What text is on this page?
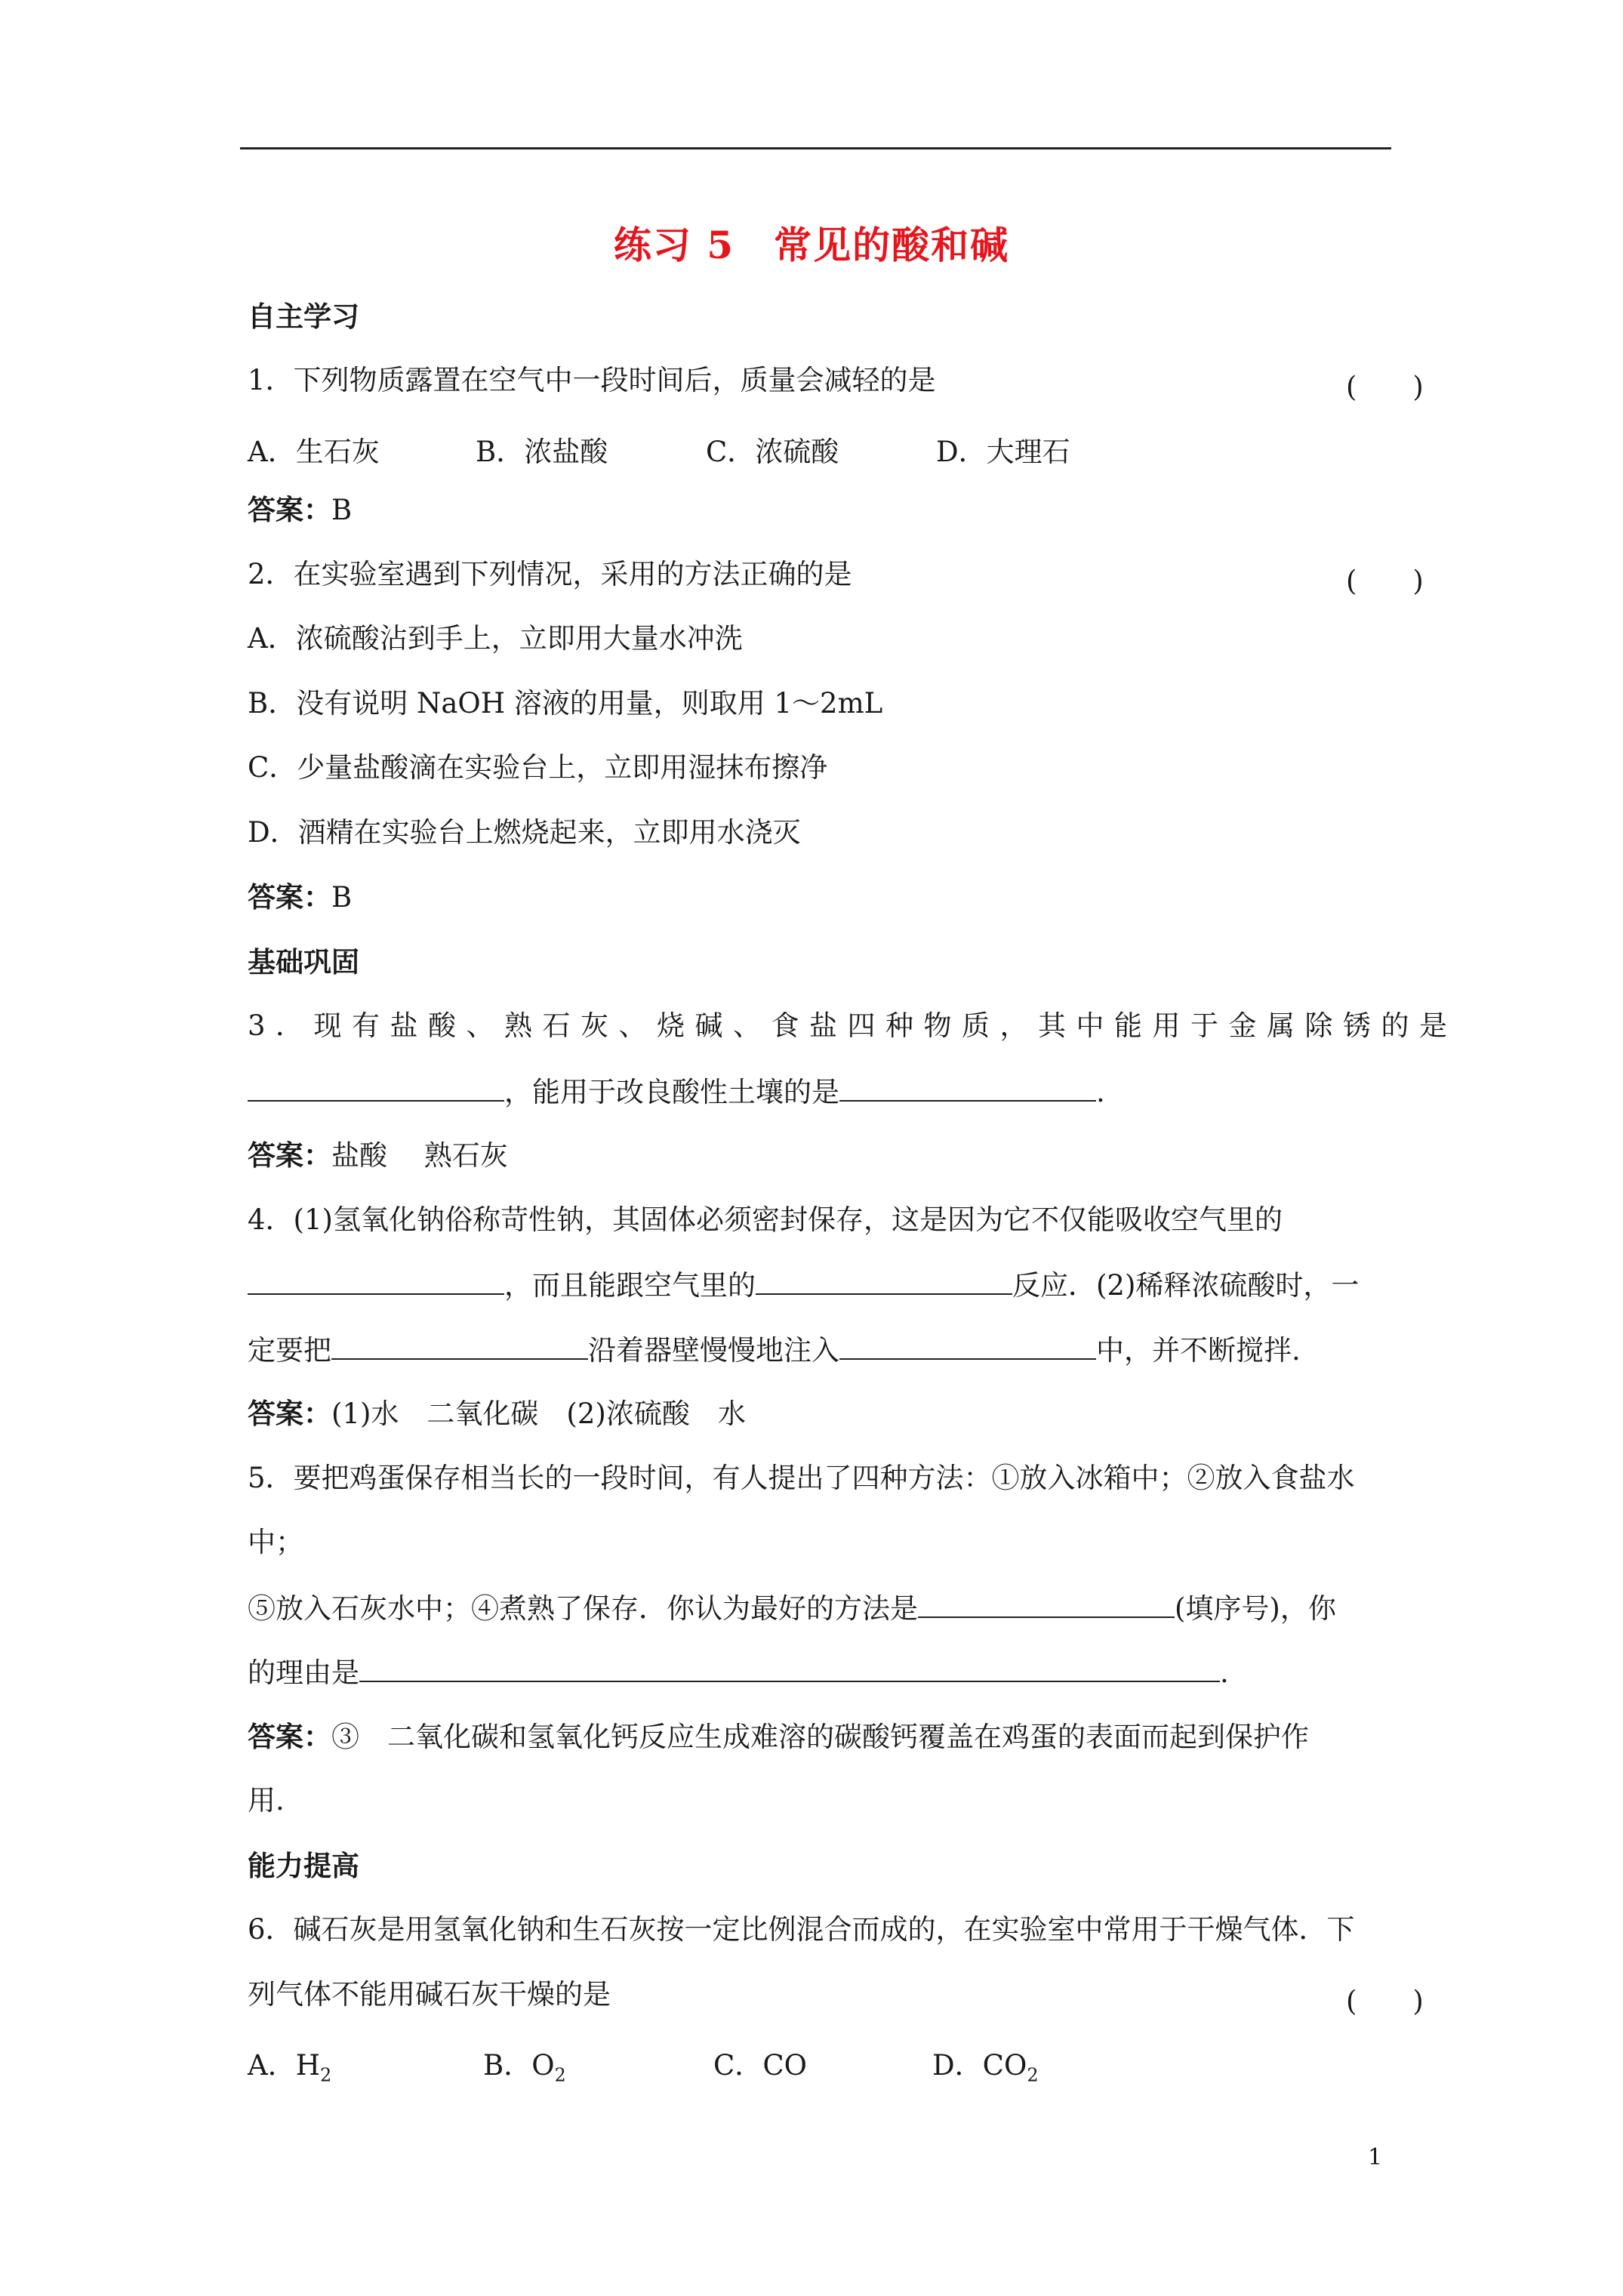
练习 5　常见的酸和碱
自主学习
1．下列物质露置在空气中一段时间后，质量会减轻的是	(　　)
A．生石灰	B．浓盐酸	C．浓硫酸	D．大理石
答案：B
2．在实验室遇到下列情况，采用的方法正确的是	(　　)
A．浓硫酸沾到手上，立即用大量水冲洗
B．没有说明 NaOH 溶液的用量，则取用 1～2mL
C．少量盐酸滴在实验台上，立即用湿抹布擦净
D．酒精在实验台上燃烧起来，立即用水浇灭
答案：B
基础巩固
3．现有盐酸、熟石灰、烧碱、食盐四种物质，其中能用于金属除锈的是
，能用于改良酸性土壤的是	.
答案：盐酸　 熟石灰
4．(1)氢氧化钠俗称苛性钠，其固体必须密封保存，这是因为它不仅能吸收空气里的
，而且能跟空气里的	反应．(2)稀释浓硫酸时，一
定要把	沿着器壁慢慢地注入	中，并不断搅拌.
答案：(1)水　二氧化碳　(2)浓硫酸　水
5．要把鸡蛋保存相当长的一段时间，有人提出了四种方法：①放入冰箱中；②放入食盐水
中；
⑤放入石灰水中；④煮熟了保存．你认为最好的方法是	(填序号)，你
的理由是	.
答案：③　二氧化碳和氢氧化钙反应生成难溶的碳酸钙覆盖在鸡蛋的表面而起到保护作
用.
能力提高
6．碱石灰是用氢氧化钠和生石灰按一定比例混合而成的，在实验室中常用于干燥气体．下
列气体不能用碱石灰干燥的是	(　　)
A．$H_2$	B．$O_2$	C．CO	D．$CO_2$
1
